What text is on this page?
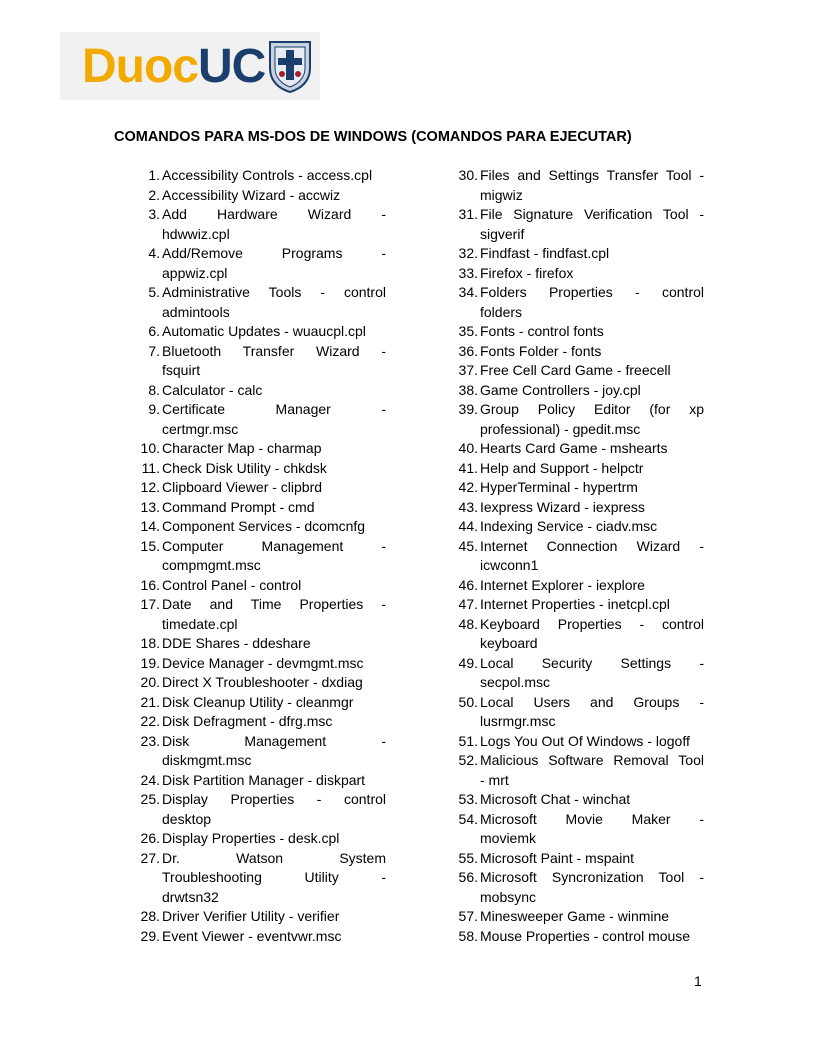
DuocUC
COMANDOS PARA MS-DOS DE WINDOWS (COMANDOS PARA EJECUTAR)
1. Accessibility Controls - access.cpl
2. Accessibility Wizard - accwiz
3. Add Hardware Wizard -
hdwwiz.cpl
4. Add/Remove Programs -
appwiz.cpl
5. Administrative Tools - control
admintools
6. Automatic Updates - wuaucpl.cpl
7. Bluetooth Transfer Wizard -
fsquirt
8. Calculator - calc
9. Certificate Manager -
certmgr.msc
10. Character Map - charmap
11. Check Disk Utility - chkdsk
12. Clipboard Viewer - clipbrd
13. Command Prompt - cmd
14. Component Services - dcomcnfg
15. Computer Management -
compmgmt.msc
16. Control Panel - control
17. Date and Time Properties -
timedate.cpl
18. DDE Shares - ddeshare
19. Device Manager - devmgmt.msc
20. Direct X Troubleshooter - dxdiag
21. Disk Cleanup Utility - cleanmgr
22. Disk Defragment - dfrg.msc
23. Disk Management -
diskmgmt.msc
24. Disk Partition Manager - diskpart
25. Display Properties - control
desktop
26. Display Properties - desk.cpl
27. Dr. Watson System
Troubleshooting Utility -
drwtsn32
28. Driver Verifier Utility - verifier
29. Event Viewer - eventvwr.msc
30. Files and Settings Transfer Tool -
migwiz
31. File Signature Verification Tool -
sigverif
32. Findfast - findfast.cpl
33. Firefox - firefox
34. Folders Properties - control
folders
35. Fonts - control fonts
36. Fonts Folder - fonts
37. Free Cell Card Game - freecell
38. Game Controllers - joy.cpl
39. Group Policy Editor (for xp
professional) - gpedit.msc
40. Hearts Card Game - mshearts
41. Help and Support - helpctr
42. HyperTerminal - hypertrm
43. Iexpress Wizard - iexpress
44. Indexing Service - ciadv.msc
45. Internet Connection Wizard -
icwconn1
46. Internet Explorer - iexplore
47. Internet Properties - inetcpl.cpl
48. Keyboard Properties - control
keyboard
49. Local Security Settings -
secpol.msc
50. Local Users and Groups -
lusrmgr.msc
51. Logs You Out Of Windows - logoff
52. Malicious Software Removal Tool
- mrt
53. Microsoft Chat - winchat
54. Microsoft Movie Maker -
moviemk
55. Microsoft Paint - mspaint
56. Microsoft Syncronization Tool -
mobsync
57. Minesweeper Game - winmine
58. Mouse Properties - control mouse
1
